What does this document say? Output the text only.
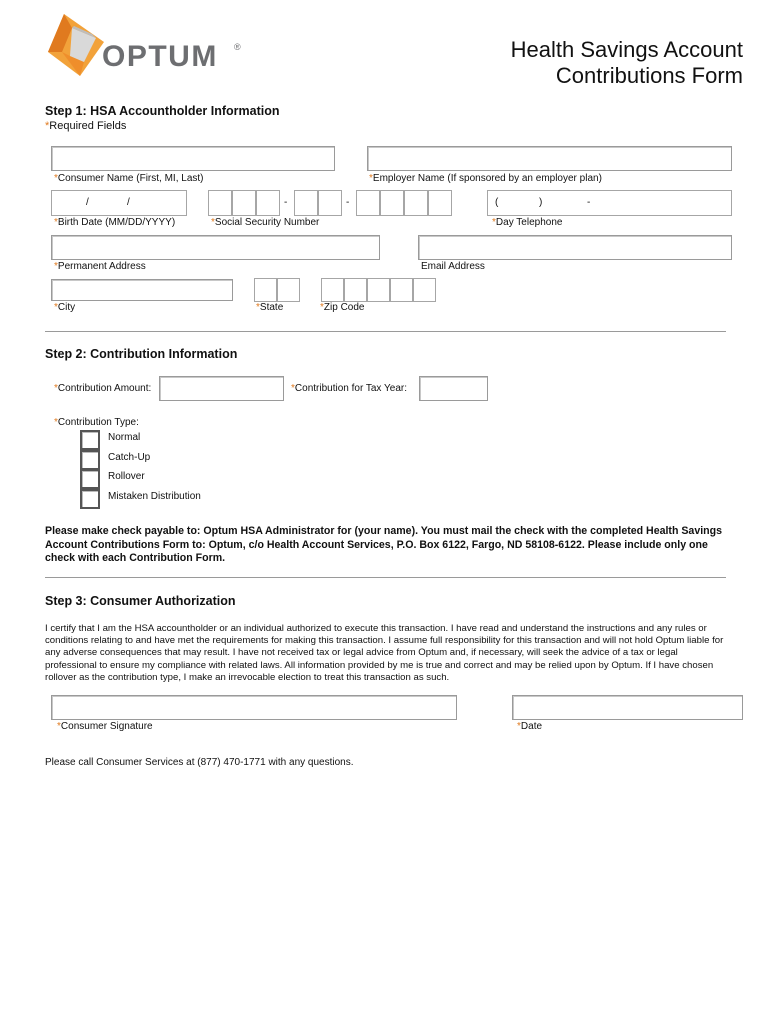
OPTUM ®	Health Savings Account
Contributions Form
Step 1: HSA Accountholder Information
*Required Fields
*Consumer Name (First, MI, Last)	*Employer Name (If sponsored by an employer plan)
/	/	-	-	(	)	-
*Birth Date (MM/DD/YYYY)	*Social Security Number	*Day Telephone
*Permanent Address	Email Address
*City	*State	*Zip Code
Step 2: Contribution Information
*Contribution Amount:	*Contribution for Tax Year:
*Contribution Type:
Normal
Catch-Up
Rollover
Mistaken Distribution
Please make check payable to: Optum HSA Administrator for (your name). You must mail the check with the completed Health Savings Account Contributions Form to: Optum, c/o Health Account Services, P.O. Box 6122, Fargo, ND 58108-6122. Please include only one check with each Contribution Form.
Step 3: Consumer Authorization
I certify that I am the HSA accountholder or an individual authorized to execute this transaction. I have read and understand the instructions and any rules or conditions relating to and have met the requirements for making this transaction. I assume full responsibility for this transaction and will not hold Optum liable for any adverse consequences that may result. I have not received tax or legal advice from Optum and, if necessary, will seek the advice of a tax or legal professional to ensure my compliance with related laws. All information provided by me is true and correct and may be relied upon by Optum. If I have chosen rollover as the contribution type, I make an irrevocable election to treat this transaction as such.
*Consumer Signature	*Date
Please call Consumer Services at (877) 470-1771 with any questions.
